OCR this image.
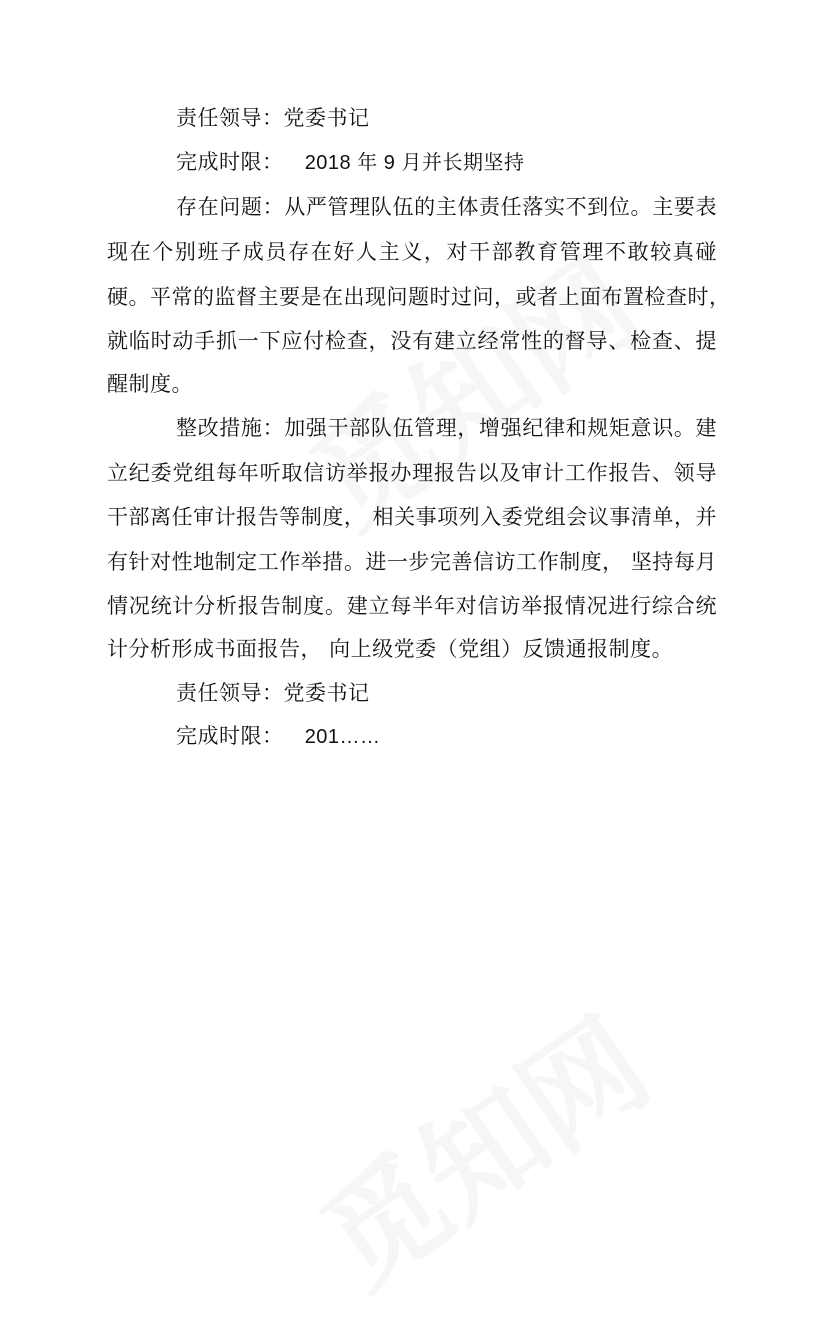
责任领导：党委书记
完成时限： 2018 年 9 月并长期坚持
存在问题：从严管理队伍的主体责任落实不到位。主要表
现在个别班子成员存在好人主义，对干部教育管理不敢较真碰
硬。平常的监督主要是在出现问题时过问，或者上面布置检查时，
就临时动手抓一下应付检查，没有建立经常性的督导、检查、提
醒制度。
整改措施：加强干部队伍管理，增强纪律和规矩意识。建
立纪委党组每年听取信访举报办理报告以及审计工作报告、领导
干部离任审计报告等制度， 相关事项列入委党组会议事清单，并
有针对性地制定工作举措。进一步完善信访工作制度， 坚持每月
情况统计分析报告制度。建立每半年对信访举报情况进行综合统
计分析形成书面报告， 向上级党委（党组）反馈通报制度。
责任领导：党委书记
完成时限： 201……
